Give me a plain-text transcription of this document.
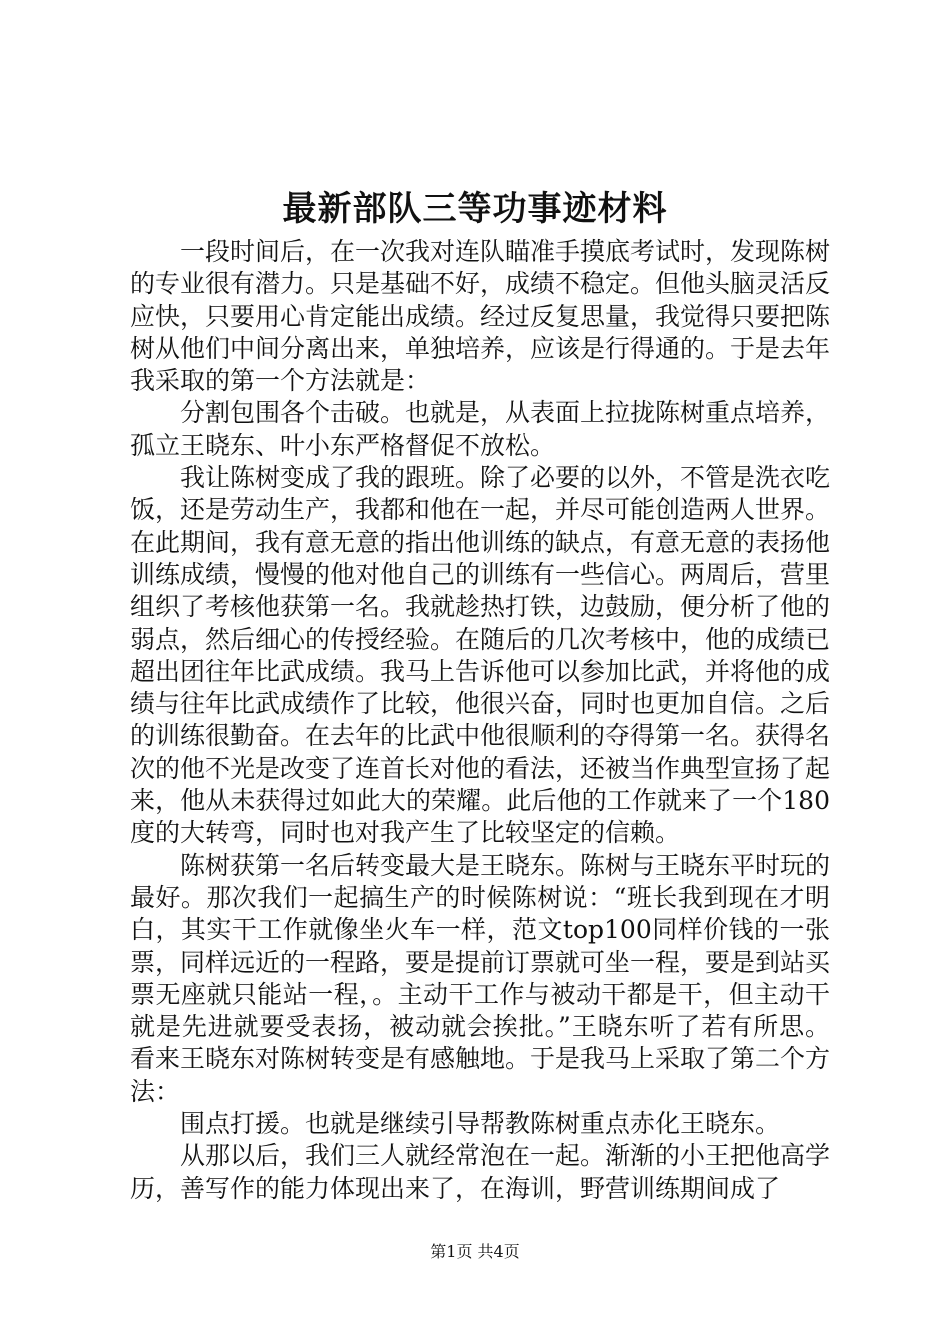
最新部队三等功事迹材料

一段时间后，在一次我对连队瞄准手摸底考试时，发现陈树的专业很有潜力。只是基础不好，成绩不稳定。但他头脑灵活反应快，只要用心肯定能出成绩。经过反复思量，我觉得只要把陈树从他们中间分离出来，单独培养，应该是行得通的。于是去年我采取的第一个方法就是：

分割包围各个击破。也就是，从表面上拉拢陈树重点培养，孤立王晓东、叶小东严格督促不放松。

我让陈树变成了我的跟班。除了必要的以外，不管是洗衣吃饭，还是劳动生产，我都和他在一起，并尽可能创造两人世界。在此期间，我有意无意的指出他训练的缺点，有意无意的表扬他训练成绩，慢慢的他对他自己的训练有一些信心。两周后，营里组织了考核他获第一名。我就趁热打铁，边鼓励，便分析了他的弱点，然后细心的传授经验。在随后的几次考核中，他的成绩已超出团往年比武成绩。我马上告诉他可以参加比武，并将他的成绩与往年比武成绩作了比较，他很兴奋，同时也更加自信。之后的训练很勤奋。在去年的比武中他很顺利的夺得第一名。获得名次的他不光是改变了连首长对他的看法，还被当作典型宣扬了起来，他从未获得过如此大的荣耀。此后他的工作就来了一个180度的大转弯，同时也对我产生了比较坚定的信赖。

陈树获第一名后转变最大是王晓东。陈树与王晓东平时玩的最好。那次我们一起搞生产的时候陈树说：“班长我到现在才明白，其实干工作就像坐火车一样，范文top100同样价钱的一张票，同样远近的一程路，要是提前订票就可坐一程，要是到站买票无座就只能站一程，。主动干工作与被动干都是干，但主动干就是先进就要受表扬，被动就会挨批。”王晓东听了若有所思。看来王晓东对陈树转变是有感触地。于是我马上采取了第二个方法：

围点打援。也就是继续引导帮教陈树重点赤化王晓东。

从那以后，我们三人就经常泡在一起。渐渐的小王把他高学历，善写作的能力体现出来了，在海训，野营训练期间成了

第1页 共4页
